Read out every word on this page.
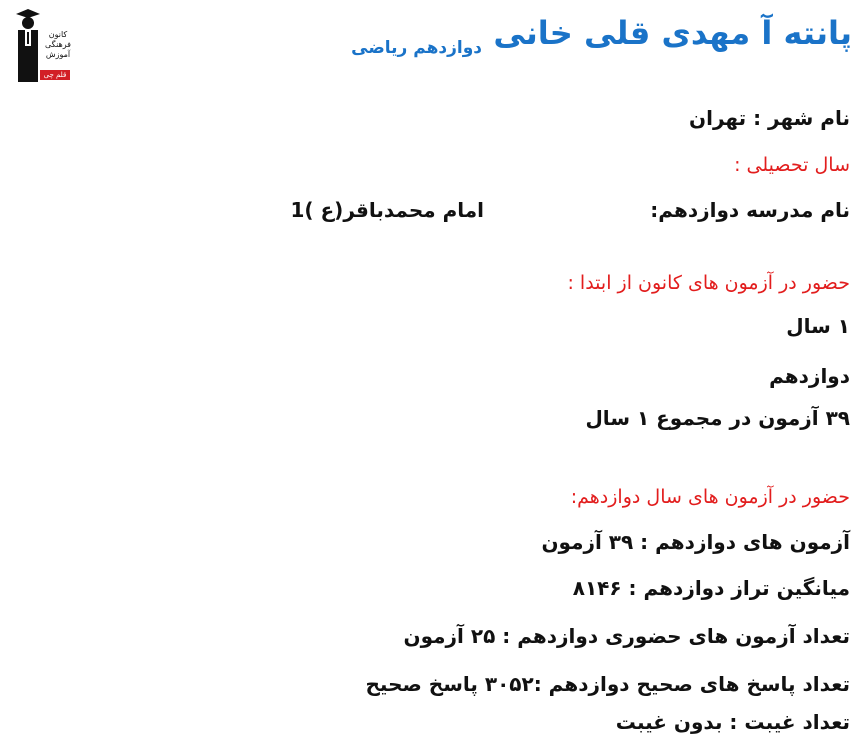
کانون
فرهنگی
آموزش
قلم چی
پانته آ مهدی قلی خانی
دوازدهم ریاضی
نام شهر : تهران
سال تحصیلی :
نام مدرسه دوازدهم:
امام محمدباقر(ع )1
حضور در آزمون های کانون از ابتدا :
۱ سال
دوازدهم
۳۹ آزمون در مجموع ۱ سال
حضور در آزمون های سال دوازدهم:
آزمون های دوازدهم : ۳۹ آزمون
میانگین تراز دوازدهم : ۸۱۴۶
تعداد آزمون های حضوری دوازدهم : ۲۵ آزمون
تعداد پاسخ های صحیح دوازدهم :۳۰۵۲ پاسخ صحیح
تعداد غیبت : بدون غیبت
